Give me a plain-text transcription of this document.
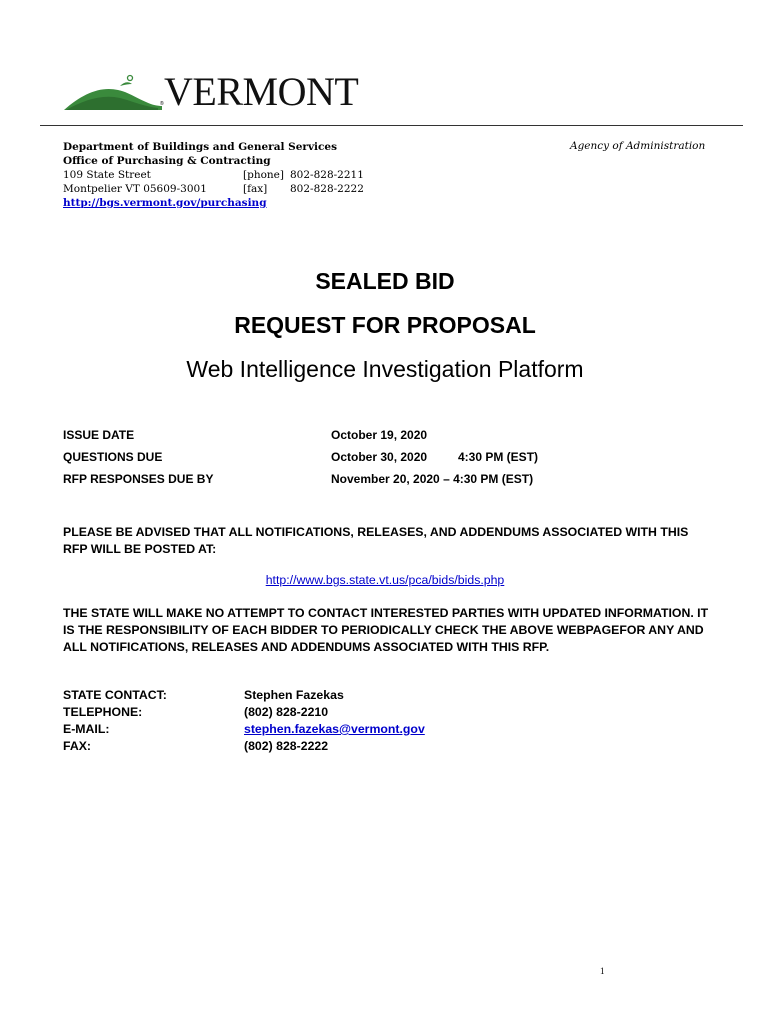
VERMONT
®
Department of Buildings and General Services
Office of Purchasing & Contracting
109 State Street	[phone] 802-828-2211
Montpelier VT 05609-3001	[fax] 802-828-2222
http://bgs.vermont.gov/purchasing
Agency of Administration
SEALED BID
REQUEST FOR PROPOSAL
Web Intelligence Investigation Platform
ISSUE DATE	October 19, 2020
QUESTIONS DUE	October 30, 2020	4:30 PM (EST)
RFP RESPONSES DUE BY	November 20, 2020 – 4:30 PM (EST)
PLEASE BE ADVISED THAT ALL NOTIFICATIONS, RELEASES, AND ADDENDUMS ASSOCIATED WITH THIS RFP WILL BE POSTED AT:
http://www.bgs.state.vt.us/pca/bids/bids.php
THE STATE WILL MAKE NO ATTEMPT TO CONTACT INTERESTED PARTIES WITH UPDATED INFORMATION. IT IS THE RESPONSIBILITY OF EACH BIDDER TO PERIODICALLY CHECK THE ABOVE WEBPAGEFOR ANY AND ALL NOTIFICATIONS, RELEASES AND ADDENDUMS ASSOCIATED WITH THIS RFP.
STATE CONTACT:	Stephen Fazekas
TELEPHONE:	(802) 828-2210
E-MAIL:	stephen.fazekas@vermont.gov
FAX:	(802) 828-2222
1
